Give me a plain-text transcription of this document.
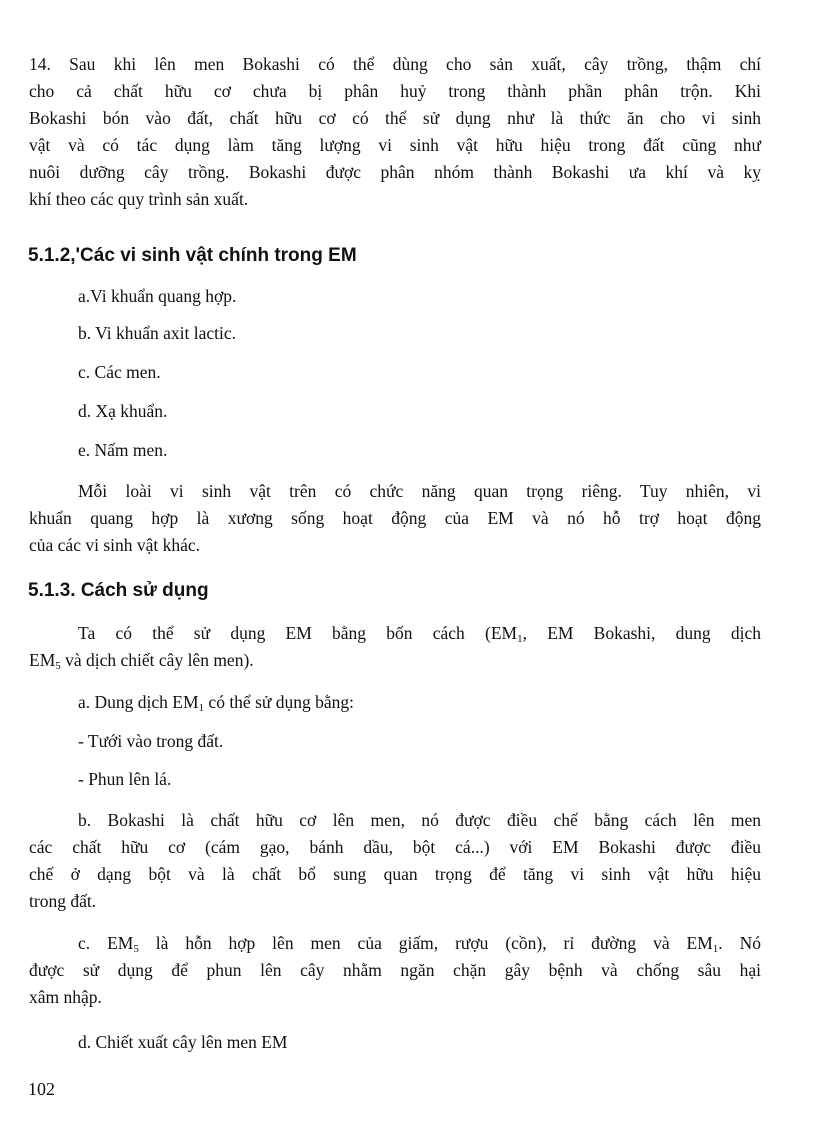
14. Sau khi lên men Bokashi có thể dùng cho sản xuất, cây trồng, thậm chí
cho cả chất hữu cơ chưa bị phân huỷ trong thành phần phân trộn. Khi
Bokashi bón vào đất, chất hữu cơ có thể sử dụng như là thức ăn cho vi sinh
vật và có tác dụng làm tăng lượng vi sinh vật hữu hiệu trong đất cũng như
nuôi dưỡng cây trồng. Bokashi được phân nhóm thành Bokashi ưa khí và kỵ
khí theo các quy trình sản xuất.
5.1.2,'Các vi sinh vật chính trong EM
a.Vi khuẩn quang hợp.
b. Vi khuẩn axit lactic.
c. Các men.
d. Xạ khuẩn.
e. Nấm men.
Mỗi loài vi sinh vật trên có chức năng quan trọng riêng. Tuy nhiên, vi
khuẩn quang hợp là xương sống hoạt động của EM và nó hỗ trợ hoạt động
của các vi sinh vật khác.
5.1.3. Cách sử dụng
Ta có thể sử dụng EM bằng bốn cách ($EM_1$, EM Bokashi, dung dịch
$EM_5$ và dịch chiết cây lên men).
a. Dung dịch $EM_1$ có thể sử dụng bằng:
- Tưới vào trong đất.
- Phun lên lá.
b. Bokashi là chất hữu cơ lên men, nó được điều chế bằng cách lên men
các chất hữu cơ (cám gạo, bánh dầu, bột cá...) với EM Bokashi được điều
chế ở dạng bột và là chất bổ sung quan trọng để tăng vi sinh vật hữu hiệu
trong đất.
c. $EM_5$ là hỗn hợp lên men của giấm, rượu (cồn), rỉ đường và $EM_1$. Nó
được sử dụng để phun lên cây nhằm ngăn chặn gây bệnh và chống sâu hại
xâm nhập.
d. Chiết xuất cây lên men EM
102
